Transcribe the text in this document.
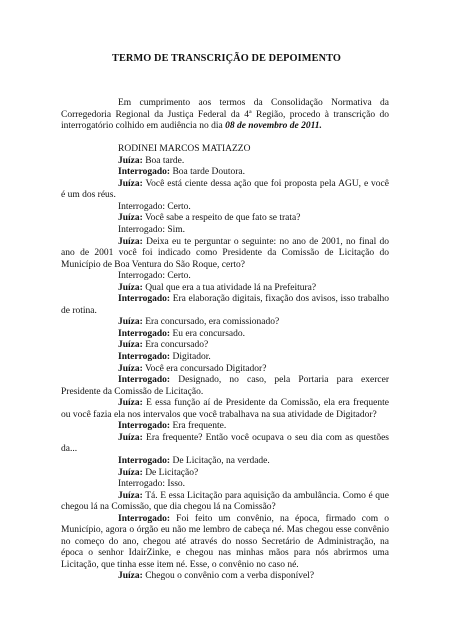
TERMO DE TRANSCRIÇÃO DE DEPOIMENTO

Em cumprimento aos termos da Consolidação Normativa da Corregedoria Regional da Justiça Federal da 4ª Região, procedo à transcrição do interrogatório colhido em audiência no dia 08 de novembro de 2011.

RODINEI MARCOS MATIAZZO

Juíza: Boa tarde.

Interrogado: Boa tarde Doutora.

Juíza: Você está ciente dessa ação que foi proposta pela AGU, e você é um dos réus.

Interrogado: Certo.

Juíza: Você sabe a respeito de que fato se trata?

Interrogado: Sim.

Juíza: Deixa eu te perguntar o seguinte: no ano de 2001, no final do ano de 2001 você foi indicado como Presidente da Comissão de Licitação do Município de Boa Ventura do São Roque, certo?

Interrogado: Certo.

Juíza: Qual que era a tua atividade lá na Prefeitura?

Interrogado: Era elaboração digitais, fixação dos avisos, isso trabalho de rotina.

Juíza: Era concursado, era comissionado?

Interrogado: Eu era concursado.

Juíza: Era concursado?

Interrogado: Digitador.

Juíza: Você era concursado Digitador?

Interrogado: Designado, no caso, pela Portaria para exercer Presidente da Comissão de Licitação.

Juíza: E essa função aí de Presidente da Comissão, ela era frequente ou você fazia ela nos intervalos que você trabalhava na sua atividade de Digitador?

Interrogado: Era frequente.

Juíza: Era frequente? Então você ocupava o seu dia com as questões da...

Interrogado: De Licitação, na verdade.

Juíza: De Licitação?

Interrogado: Isso.

Juíza: Tá. E essa Licitação para aquisição da ambulância. Como é que chegou lá na Comissão, que dia chegou lá na Comissão?

Interrogado: Foi feito um convênio, na época, firmado com o Município, agora o órgão eu não me lembro de cabeça né. Mas chegou esse convênio no começo do ano, chegou até através do nosso Secretário de Administração, na época o senhor IdairZinke, e chegou nas minhas mãos para nós abrirmos uma Licitação, que tinha esse item né. Esse, o convênio no caso né.

Juíza: Chegou o convênio com a verba disponível?
